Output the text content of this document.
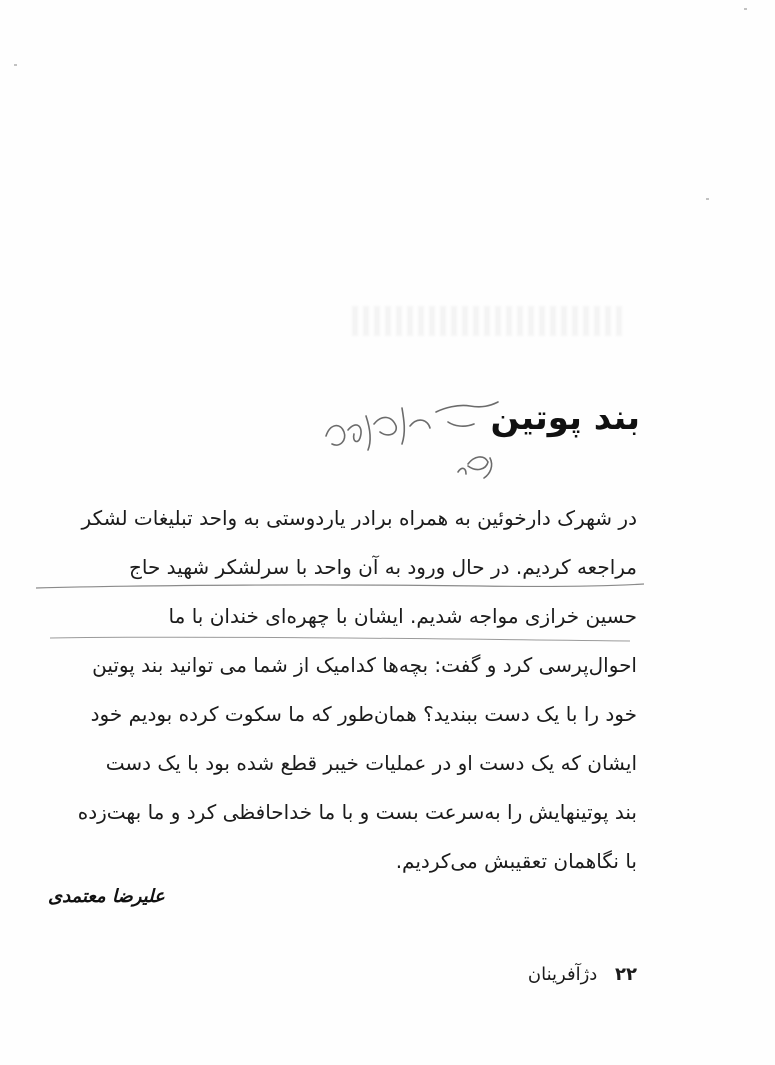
بند پوتین
در شهرک دارخوئین به همراه برادر یاردوستی به واحد تبلیغات لشکر
مراجعه کردیم. در حال ورود به آن واحد با سرلشکر شهید حاج
حسین خرازی مواجه شدیم. ایشان با چهره‌ای خندان با ما
احوال‌پرسی کرد و گفت: بچه‌ها کدامیک از شما می توانید بند پوتین
خود را با یک دست ببندید؟ همان‌طور که ما سکوت کرده بودیم خود
ایشان که یک دست او در عملیات خیبر قطع شده بود با یک دست
بند پوتینهایش را به‌سرعت بست و با ما خداحافظی کرد و ما بهت‌زده
با نگاهمان تعقیبش می‌کردیم.
علیرضا معتمدی
۲۲ دژآفرینان
